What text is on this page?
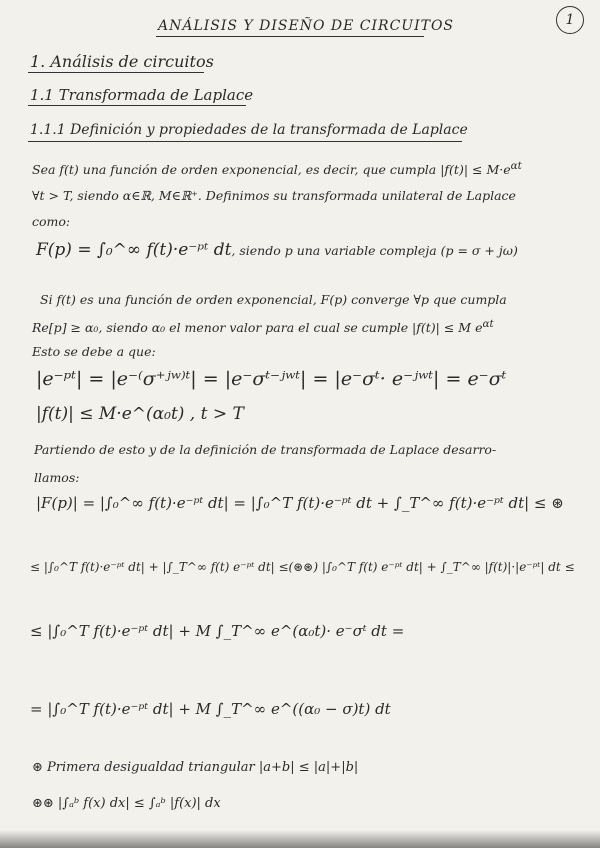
ANÁLISIS Y DISEÑO DE CIRCUITOS	1
1. Análisis de circuitos
1.1 Transformada de Laplace
1.1.1 Definición y propiedades de la transformada de Laplace
Sea f(t) una función de orden exponencial, es decir, que cumpla $|f(t)| \le M\cdot e^{\alpha t}$
∀t > T, siendo α∈ℝ, M∈ℝ⁺. Definimos su transformada unilateral de Laplace
como:
F(p) = ∫₀^∞ f(t)·e⁻ᵖᵗ dt, siendo p una variable compleja (p = σ + jω)
Si f(t) es una función de orden exponencial, F(p) converge ∀p que cumpla
Re[p] ≥ α₀, siendo α₀ el menor valor para el cual se cumple |f(t)| ≤ M $e^{\alpha t}$
Esto se debe a que:
|e⁻ᵖᵗ| = |e⁻⁽σ⁺ʲʷ⁾ᵗ| = |e⁻σᵗ⁻ʲʷᵗ| = |e⁻σᵗ· e⁻ʲʷᵗ| = e⁻σᵗ
|f(t)| ≤ M·e^(α₀t) , t > T
Partiendo de esto y de la definición de transformada de Laplace desarro-
llamos:
|F(p)| = |∫₀^∞ f(t)·e⁻ᵖᵗ dt| = |∫₀^T f(t)·e⁻ᵖᵗ dt + ∫_T^∞ f(t)·e⁻ᵖᵗ dt| ≤ ⊛
≤ |∫₀^T f(t)·e⁻ᵖᵗ dt| + |∫_T^∞ f(t) e⁻ᵖᵗ dt| ≤(⊛⊛) |∫₀^T f(t) e⁻ᵖᵗ dt| + ∫_T^∞ |f(t)|·|e⁻ᵖᵗ| dt ≤
≤ |∫₀^T f(t)·e⁻ᵖᵗ dt| + M ∫_T^∞ e^(α₀t)· e⁻σᵗ dt =
= |∫₀^T f(t)·e⁻ᵖᵗ dt| + M ∫_T^∞ e^((α₀ − σ)t) dt
⊛ Primera desigualdad triangular |a+b| ≤ |a|+|b|
⊛⊛ |∫ₐᵇ f(x) dx| ≤ ∫ₐᵇ |f(x)| dx
